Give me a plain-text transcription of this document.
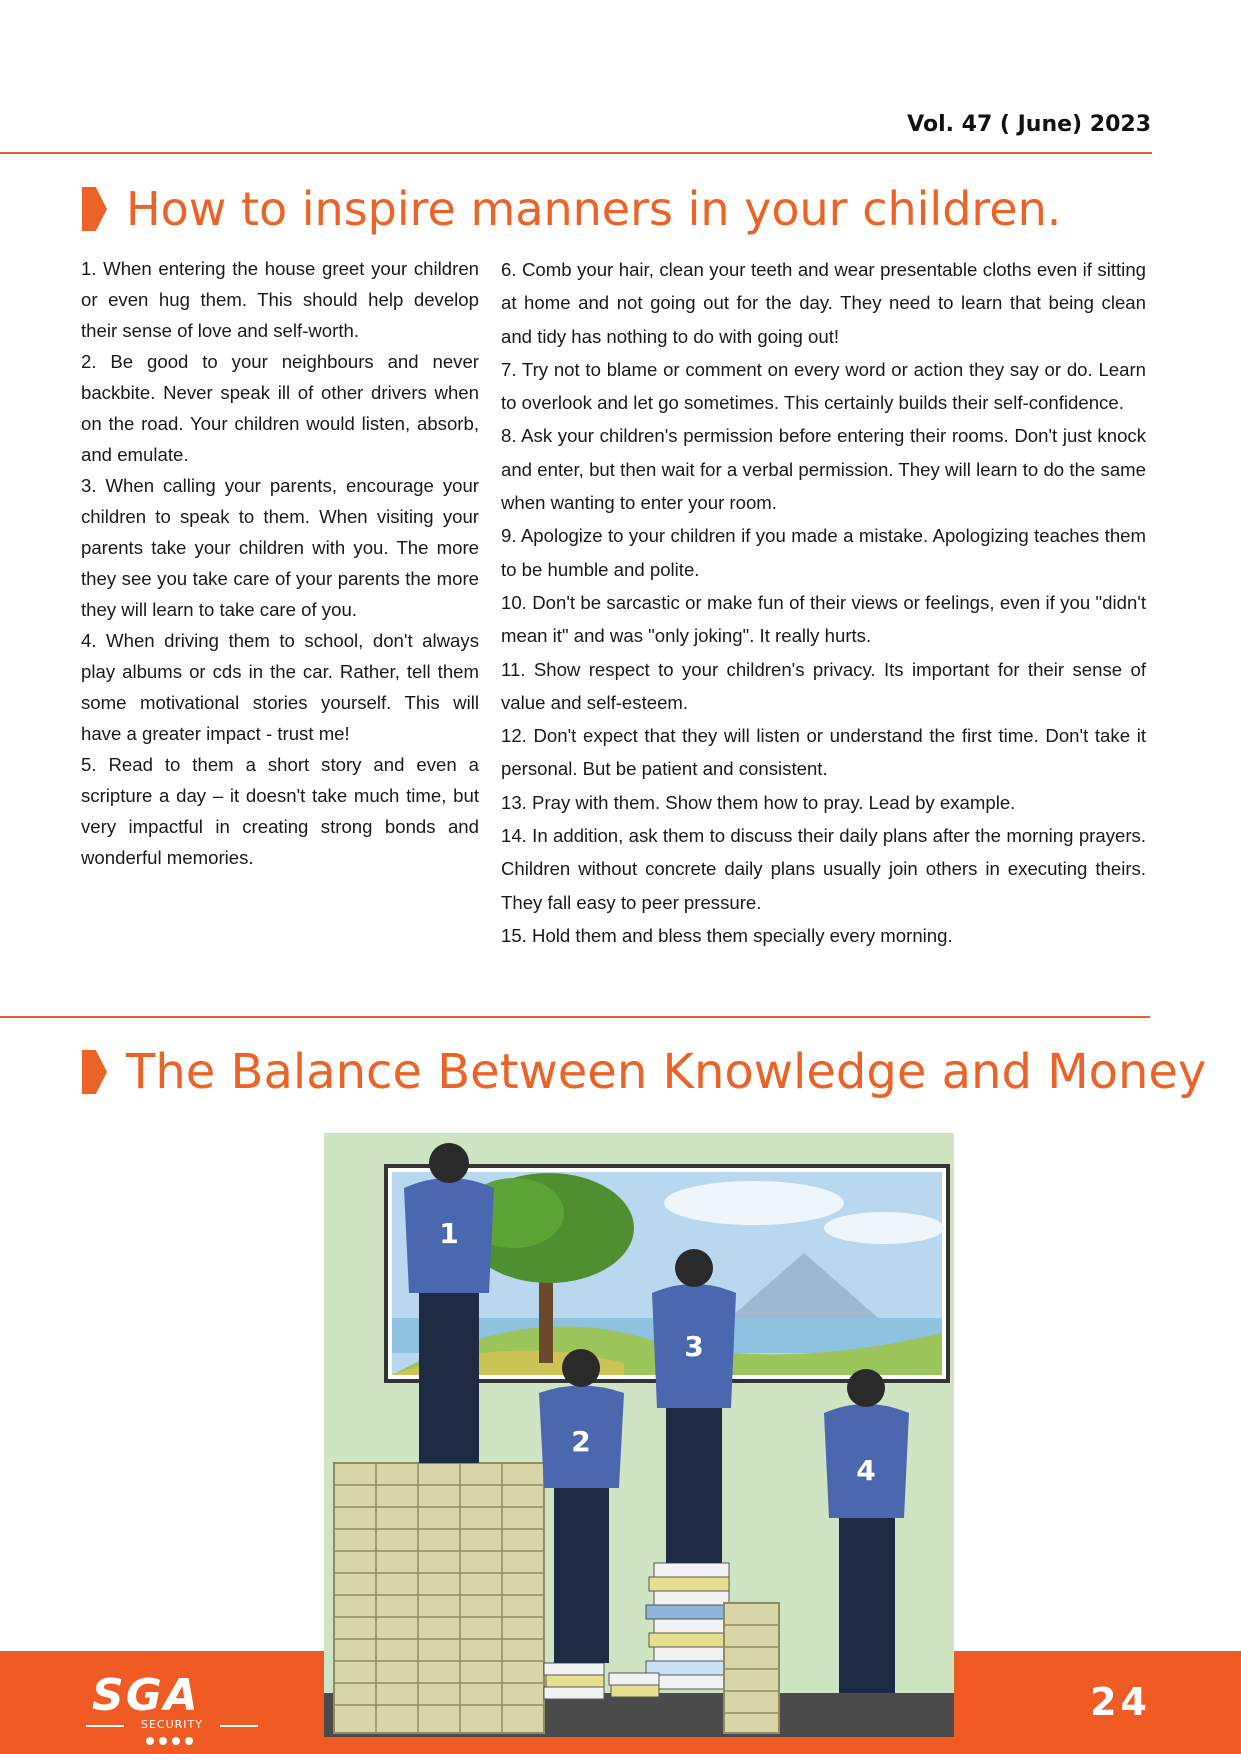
Vol. 47 ( June) 2023
How to inspire manners in your children.

1. When entering the house greet your children or even hug them. This should help develop their sense of love and self-worth.

2. Be good to your neighbours and never backbite. Never speak ill of other drivers when on the road. Your children would listen, absorb, and emulate.

3. When calling your parents, encourage your children to speak to them. When visiting your parents take your children with you. The more they see you take care of your parents the more they will learn to take care of you.

4. When driving them to school, don't always play albums or cds in the car. Rather, tell them some motivational stories yourself. This will have a greater impact - trust me!

5. Read to them a short story and even a scripture a day – it doesn't take much time, but very impactful in creating strong bonds and wonderful memories.

6. Comb your hair, clean your teeth and wear presentable cloths even if sitting at home and not going out for the day. They need to learn that being clean and tidy has nothing to do with going out!

7. Try not to blame or comment on every word or action they say or do. Learn to overlook and let go sometimes. This certainly builds their self-confidence.

8. Ask your children's permission before entering their rooms. Don't just knock and enter, but then wait for a verbal permission. They will learn to do the same when wanting to enter your room.

9. Apologize to your children if you made a mistake. Apologizing teaches them to be humble and polite.

10. Don't be sarcastic or make fun of their views or feelings, even if you "didn't mean it" and was "only joking". It really hurts.

11. Show respect to your children's privacy. Its important for their sense of value and self-esteem.

12. Don't expect that they will listen or understand the first time. Don't take it personal. But be patient and consistent.

13. Pray with them. Show them how to pray. Lead by example.

14. In addition, ask them to discuss their daily plans after the morning prayers. Children without concrete daily plans usually join others in executing theirs. They fall easy to peer pressure.

15. Hold them and bless them specially every morning.

The Balance Between Knowledge and Money
SGA
SECURITY
24
1
2
3
4
